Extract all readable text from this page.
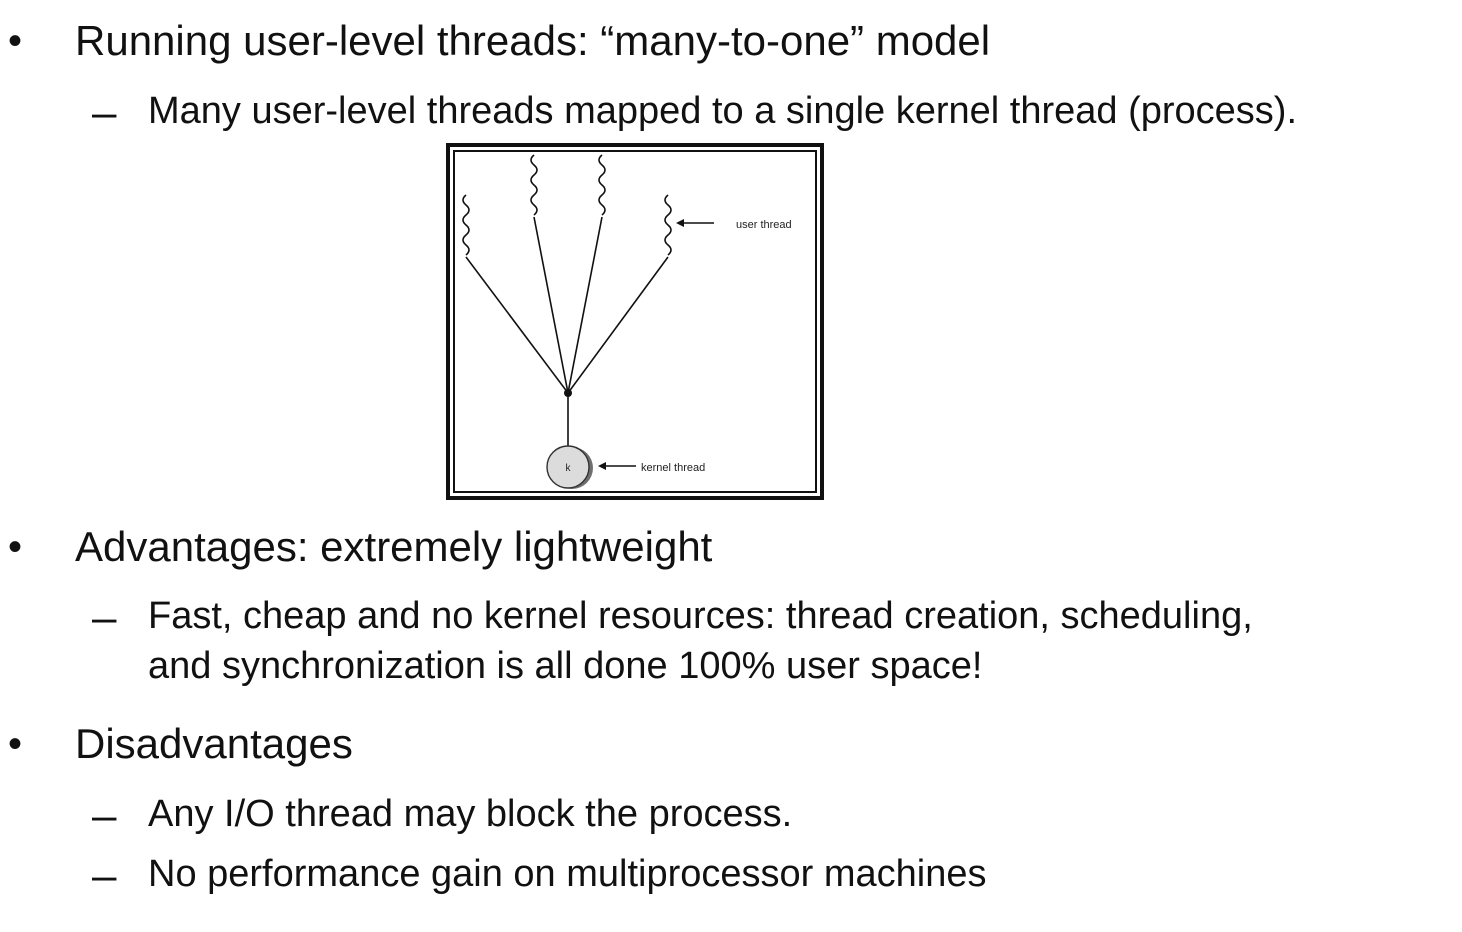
• Running user-level threads: “many-to-one” model
– Many user-level threads mapped to a single kernel thread (process).
k
user thread
kernel thread
• Advantages: extremely lightweight
– Fast, cheap and no kernel resources: thread creation, scheduling,
and synchronization is all done 100% user space!
• Disadvantages
– Any I/O thread may block the process.
– No performance gain on multiprocessor machines
